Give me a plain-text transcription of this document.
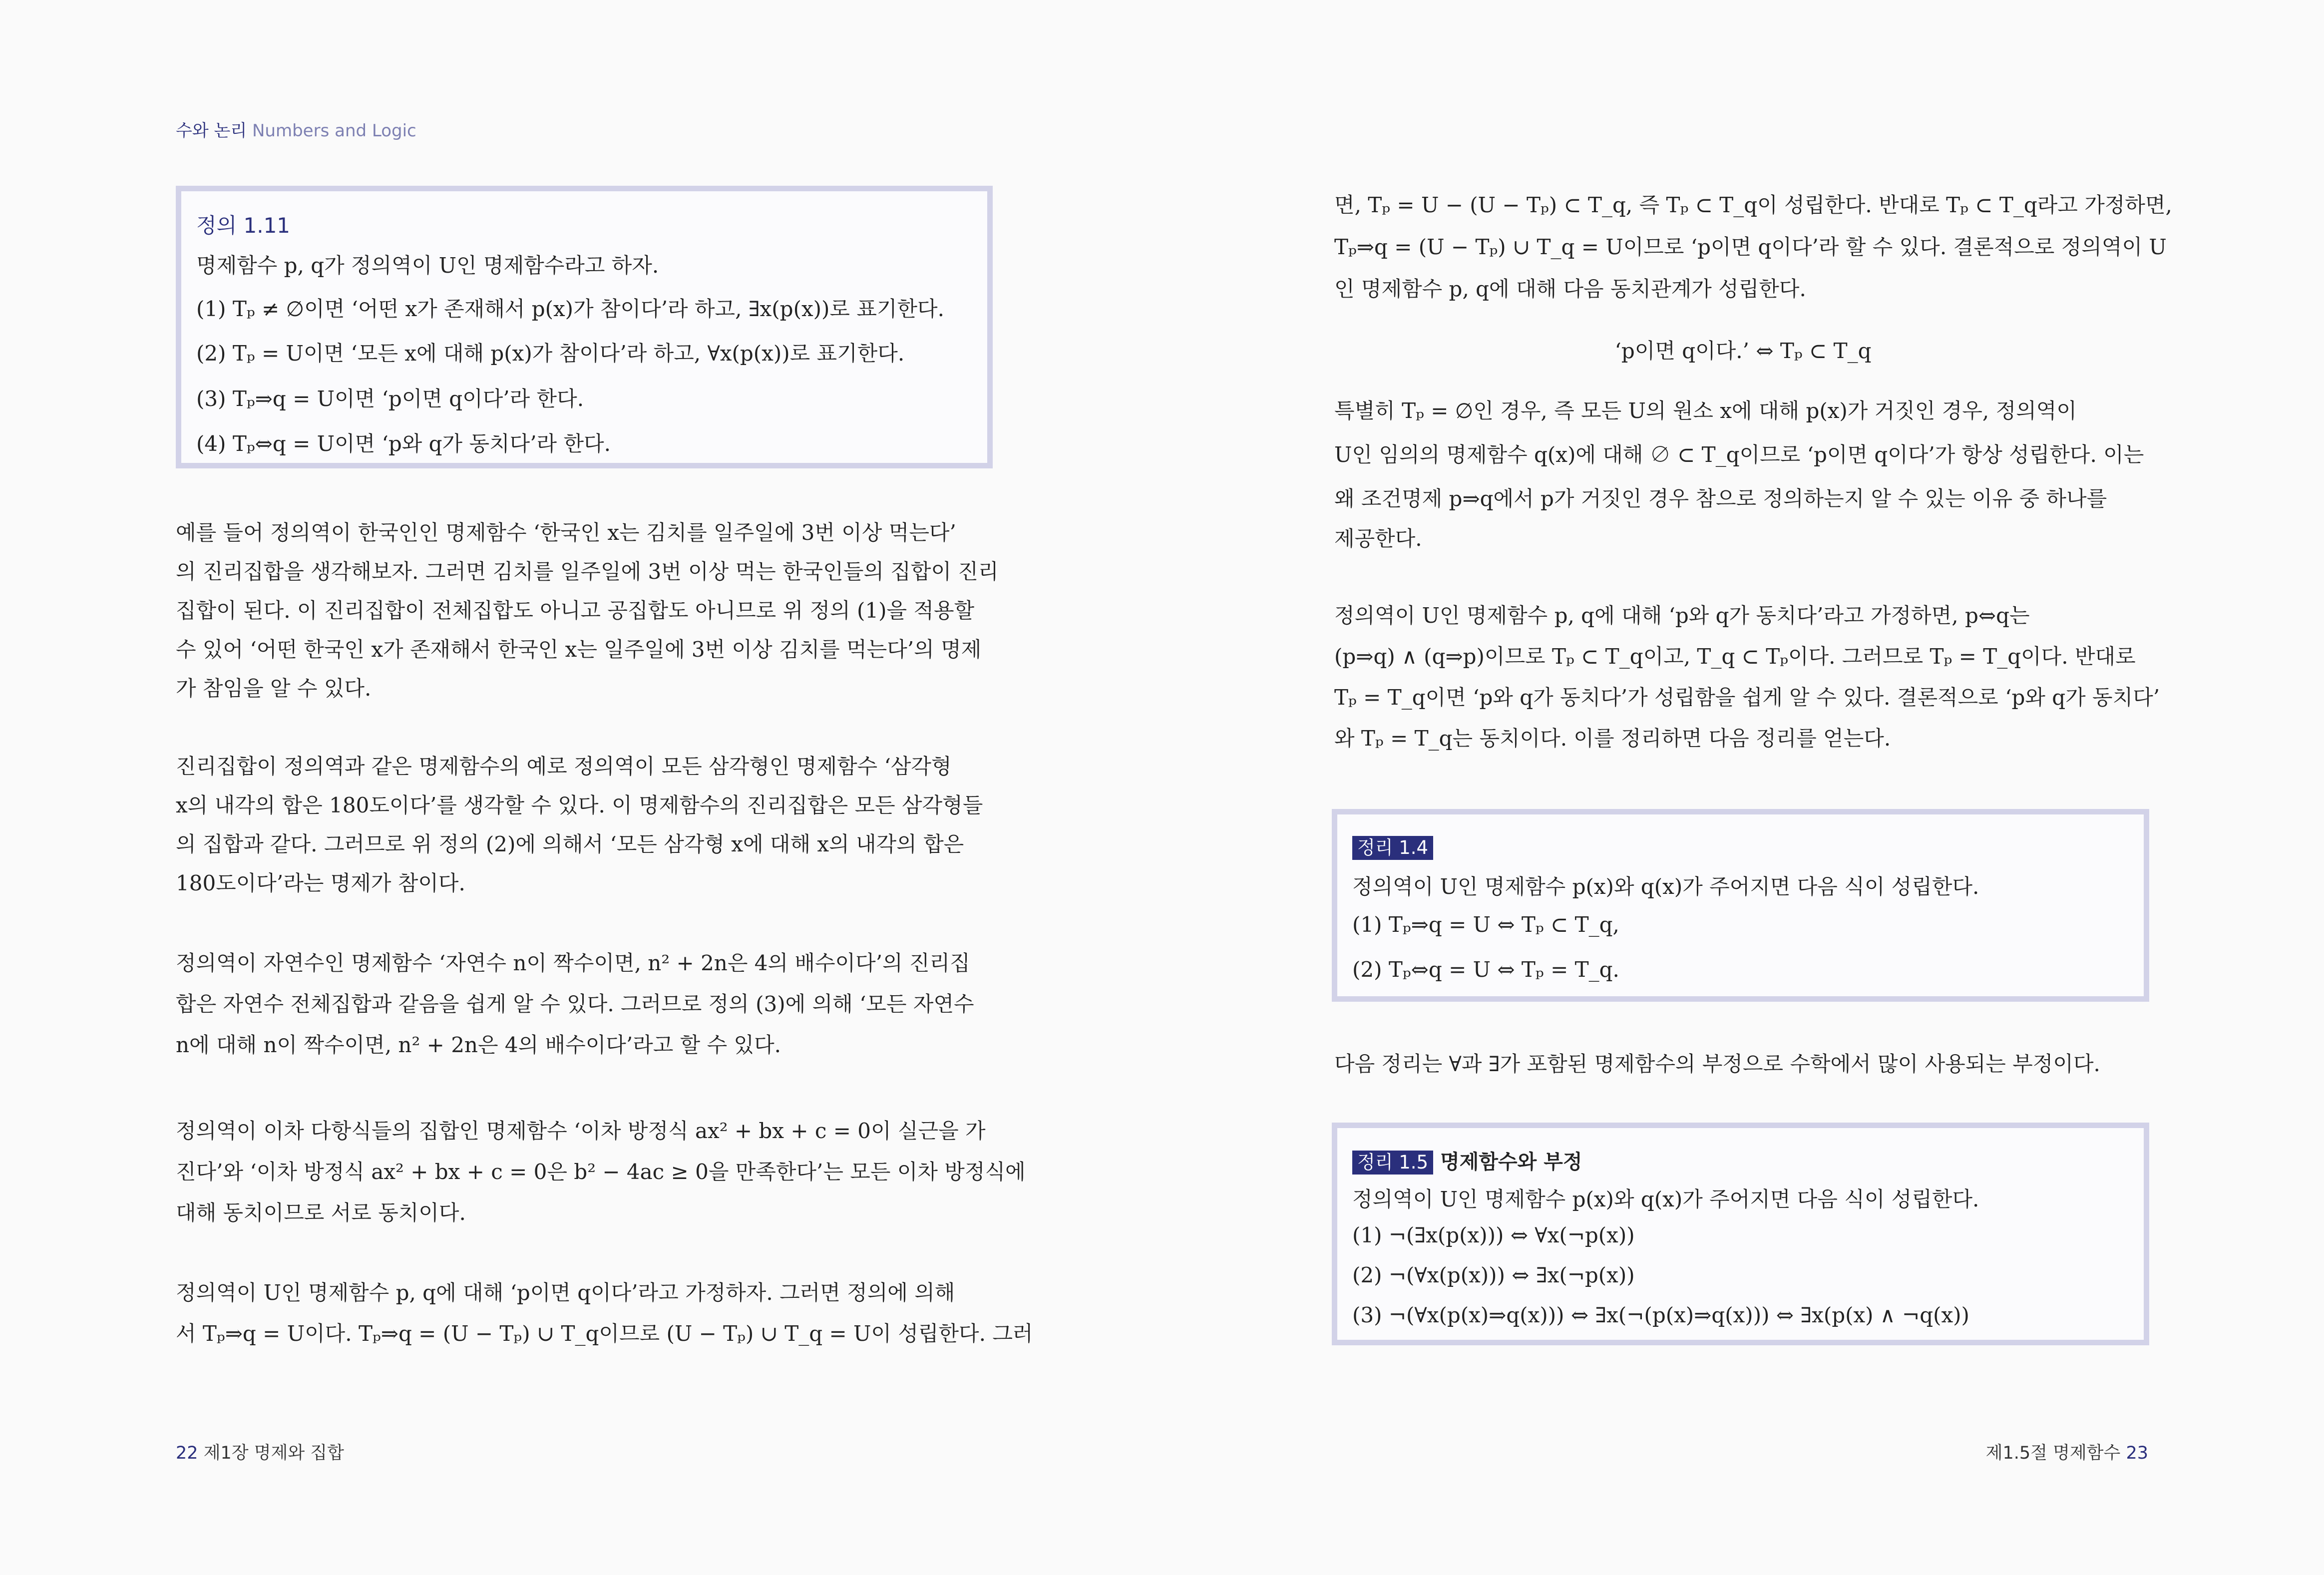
수와 논리 Numbers and Logic
정의 1.11
명제함수 p, q가 정의역이 U인 명제함수라고 하자.
(1) Tₚ ≠ ∅이면 ‘어떤 x가 존재해서 p(x)가 참이다’라 하고, ∃x(p(x))로 표기한다.
(2) Tₚ = U이면 ‘모든 x에 대해 p(x)가 참이다’라 하고, ∀x(p(x))로 표기한다.
(3) Tₚ⇒q = U이면 ‘p이면 q이다’라 한다.
(4) Tₚ⇔q = U이면 ‘p와 q가 동치다’라 한다.
예를 들어 정의역이 한국인인 명제함수 ‘한국인 x는 김치를 일주일에 3번 이상 먹는다’
의 진리집합을 생각해보자. 그러면 김치를 일주일에 3번 이상 먹는 한국인들의 집합이 진리
집합이 된다. 이 진리집합이 전체집합도 아니고 공집합도 아니므로 위 정의 (1)을 적용할
수 있어 ‘어떤 한국인 x가 존재해서 한국인 x는 일주일에 3번 이상 김치를 먹는다’의 명제
가 참임을 알 수 있다.
진리집합이 정의역과 같은 명제함수의 예로 정의역이 모든 삼각형인 명제함수 ‘삼각형
x의 내각의 합은 180도이다’를 생각할 수 있다. 이 명제함수의 진리집합은 모든 삼각형들
의 집합과 같다. 그러므로 위 정의 (2)에 의해서 ‘모든 삼각형 x에 대해 x의 내각의 합은
180도이다’라는 명제가 참이다.
정의역이 자연수인 명제함수 ‘자연수 n이 짝수이면, n² + 2n은 4의 배수이다’의 진리집
합은 자연수 전체집합과 같음을 쉽게 알 수 있다. 그러므로 정의 (3)에 의해 ‘모든 자연수
n에 대해 n이 짝수이면, n² + 2n은 4의 배수이다’라고 할 수 있다.
정의역이 이차 다항식들의 집합인 명제함수 ‘이차 방정식 ax² + bx + c = 0이 실근을 가
진다’와 ‘이차 방정식 ax² + bx + c = 0은 b² − 4ac ≥ 0을 만족한다’는 모든 이차 방정식에
대해 동치이므로 서로 동치이다.
정의역이 U인 명제함수 p, q에 대해 ‘p이면 q이다’라고 가정하자. 그러면 정의에 의해
서 Tₚ⇒q = U이다. Tₚ⇒q = (U − Tₚ) ∪ T_q이므로 (U − Tₚ) ∪ T_q = U이 성립한다. 그러
22 제1장 명제와 집합
면, Tₚ = U − (U − Tₚ) ⊂ T_q, 즉 Tₚ ⊂ T_q이 성립한다. 반대로 Tₚ ⊂ T_q라고 가정하면,
Tₚ⇒q = (U − Tₚ) ∪ T_q = U이므로 ‘p이면 q이다’라 할 수 있다. 결론적으로 정의역이 U
인 명제함수 p, q에 대해 다음 동치관계가 성립한다.
‘p이면 q이다.’ ⇔ Tₚ ⊂ T_q
특별히 Tₚ = ∅인 경우, 즉 모든 U의 원소 x에 대해 p(x)가 거짓인 경우, 정의역이
U인 임의의 명제함수 q(x)에 대해 ∅ ⊂ T_q이므로 ‘p이면 q이다’가 항상 성립한다. 이는
왜 조건명제 p⇒q에서 p가 거짓인 경우 참으로 정의하는지 알 수 있는 이유 중 하나를
제공한다.
정의역이 U인 명제함수 p, q에 대해 ‘p와 q가 동치다’라고 가정하면, p⇔q는
(p⇒q) ∧ (q⇒p)이므로 Tₚ ⊂ T_q이고, T_q ⊂ Tₚ이다. 그러므로 Tₚ = T_q이다. 반대로
Tₚ = T_q이면 ‘p와 q가 동치다’가 성립함을 쉽게 알 수 있다. 결론적으로 ‘p와 q가 동치다’
와 Tₚ = T_q는 동치이다. 이를 정리하면 다음 정리를 얻는다.
정리 1.4
정의역이 U인 명제함수 p(x)와 q(x)가 주어지면 다음 식이 성립한다.
(1) Tₚ⇒q = U ⇔ Tₚ ⊂ T_q,
(2) Tₚ⇔q = U ⇔ Tₚ = T_q.
다음 정리는 ∀과 ∃가 포함된 명제함수의 부정으로 수학에서 많이 사용되는 부정이다.
정리 1.5 명제함수와 부정
정의역이 U인 명제함수 p(x)와 q(x)가 주어지면 다음 식이 성립한다.
(1) ¬(∃x(p(x))) ⇔ ∀x(¬p(x))
(2) ¬(∀x(p(x))) ⇔ ∃x(¬p(x))
(3) ¬(∀x(p(x)⇒q(x))) ⇔ ∃x(¬(p(x)⇒q(x))) ⇔ ∃x(p(x) ∧ ¬q(x))
제1.5절 명제함수 23
